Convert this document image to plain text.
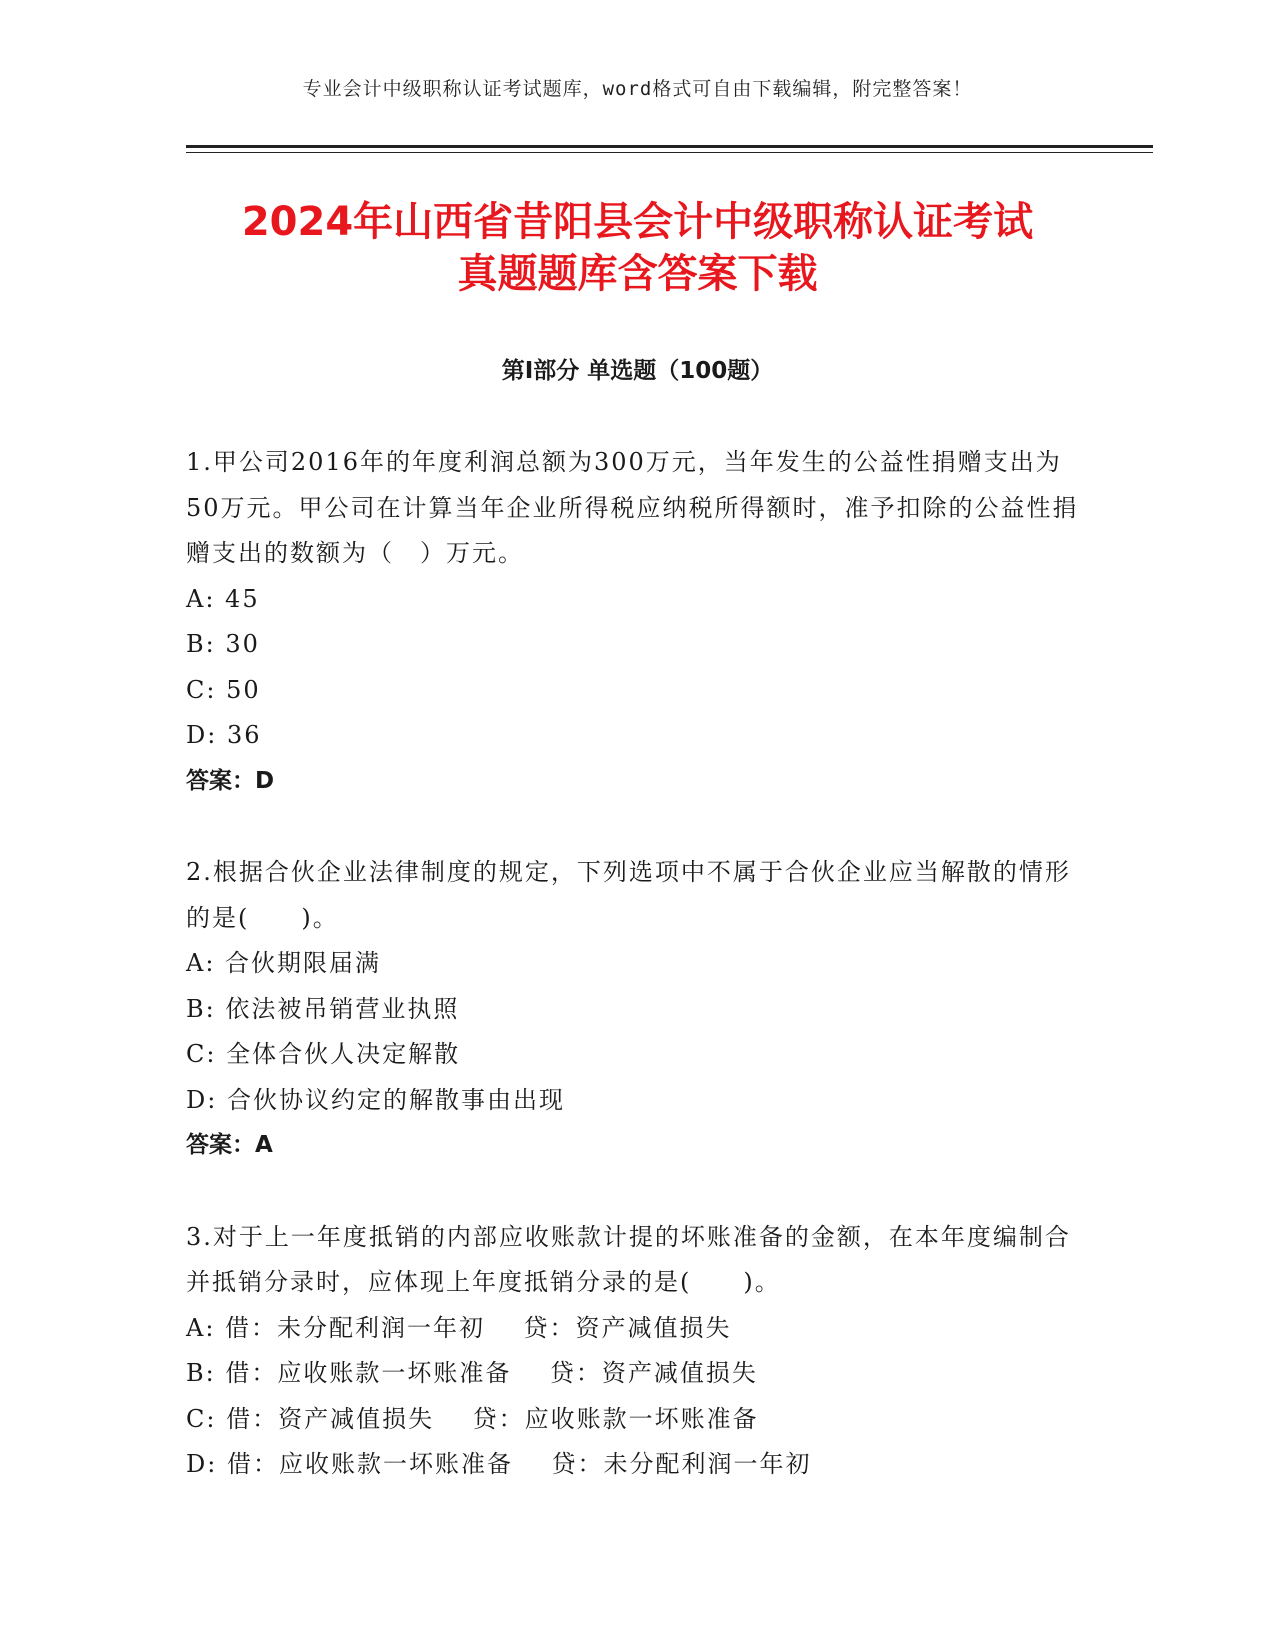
专业会计中级职称认证考试题库，word格式可自由下载编辑，附完整答案！
2024年山西省昔阳县会计中级职称认证考试
真题题库含答案下载
第Ⅰ部分 单选题（100题）

1.甲公司2016年的年度利润总额为300万元，当年发生的公益性捐赠支出为50万元。甲公司在计算当年企业所得税应纳税所得额时，准予扣除的公益性捐赠支出的数额为（　）万元。

A: 45

B: 30

C: 50

D: 36

答案：D

2.根据合伙企业法律制度的规定，下列选项中不属于合伙企业应当解散的情形的是(　　)。

A: 合伙期限届满

B: 依法被吊销营业执照

C: 全体合伙人决定解散

D: 合伙协议约定的解散事由出现

答案：A

3.对于上一年度抵销的内部应收账款计提的坏账准备的金额，在本年度编制合并抵销分录时，应体现上年度抵销分录的是(　　)。

A: 借：未分配利润一年初    贷：资产减值损失

B: 借：应收账款一坏账准备    贷：资产减值损失

C: 借：资产减值损失    贷：应收账款一坏账准备

D: 借：应收账款一坏账准备    贷：未分配利润一年初
